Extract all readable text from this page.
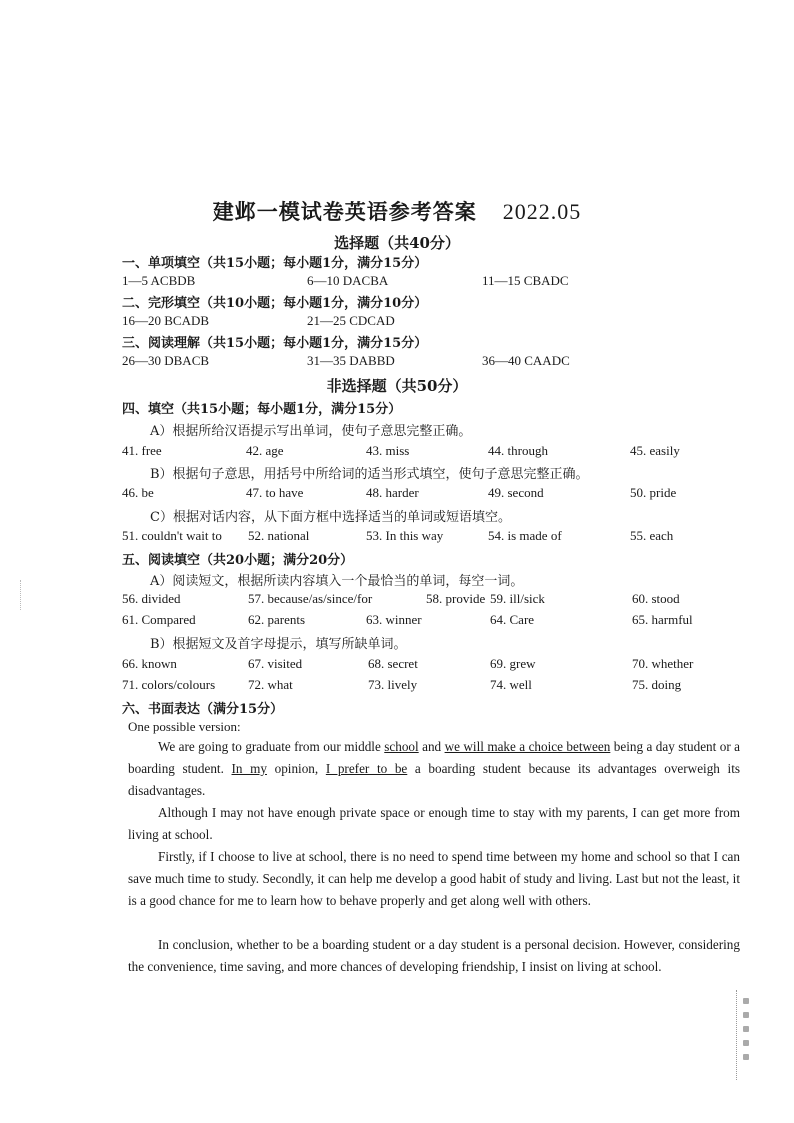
建邺一模试卷英语参考答案 2022.05
选择题（共40分）
一、单项填空（共15小题；每小题1分，满分15分）
1—5 ACBDB	6—10 DACBA	11—15 CBADC
二、完形填空（共10小题；每小题1分，满分10分）
16—20 BCADB	21—25 CDCAD
三、阅读理解（共15小题；每小题1分，满分15分）
26—30 DBACB	31—35 DABBD	36—40 CAADC
非选择题（共50分）
四、填空（共15小题；每小题1分，满分15分）
A）根据所给汉语提示写出单词，使句子意思完整正确。
41. free	42. age	43. miss	44. through	45. easily
B）根据句子意思，用括号中所给词的适当形式填空，使句子意思完整正确。
46. be	47. to have	48. harder	49. second	50. pride
C）根据对话内容，从下面方框中选择适当的单词或短语填空。
51. couldn't wait to 52. national	53. In this way	54. is made of	55. each
五、阅读填空（共20小题；满分20分）
A）阅读短文，根据所读内容填入一个最恰当的单词，每空一词。
56. divided	57. because/as/since/for	58. provide 59. ill/sick	60. stood
61. Compared	62. parents	63. winner	64. Care	65. harmful
B）根据短文及首字母提示，填写所缺单词。
66. known	67. visited	68. secret	69. grew	70. whether
71. colors/colours	72. what	73. lively	74. well	75. doing
六、书面表达（满分15分）
One possible version:

We are going to graduate from our middle school and we will make a choice between being a day student or a boarding student. In my opinion, I prefer to be a boarding student because its advantages overweigh its disadvantages.

Although I may not have enough private space or enough time to stay with my parents, I can get more from living at school.

Firstly, if I choose to live at school, there is no need to spend time between my home and school so that I can save much time to study. Secondly, it can help me develop a good habit of study and living. Last but not the least, it is a good chance for me to learn how to behave properly and get along well with others.

In conclusion, whether to be a boarding student or a day student is a personal decision. However, considering the convenience, time saving, and more chances of developing friendship, I insist on living at school.
